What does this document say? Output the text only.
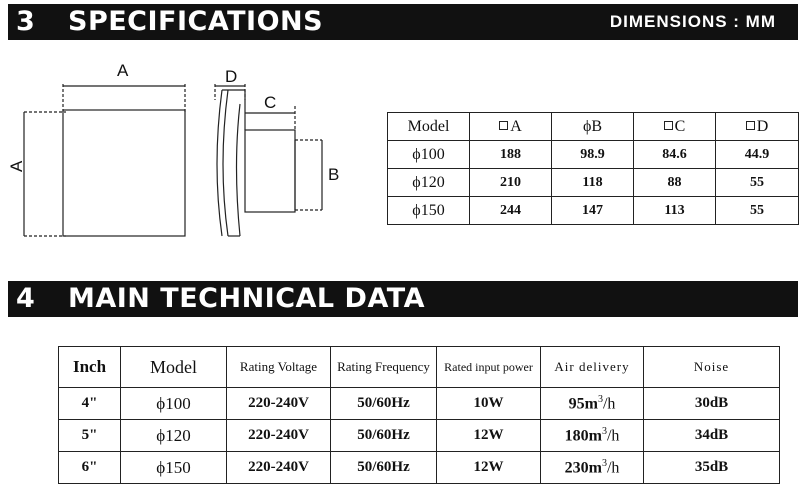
3 SPECIFICATIONS	DIMENSIONS : MM
A
A
D
C
B
Model	A	ϕB	C	D
ϕ100	188	98.9	84.6	44.9
ϕ120	210	118	88	55
ϕ150	244	147	113	55
4 MAIN TECHNICAL DATA
Inch	Model	Rating Voltage	Rating Frequency	Rated input power	Air delivery	Noise
4"	ϕ100	220-240V	50/60Hz	10W	$95m^3/h$	30dB
5"	ϕ120	220-240V	50/60Hz	12W	$180m^3/h$	34dB
6"	ϕ150	220-240V	50/60Hz	12W	$230m^3/h$	35dB
